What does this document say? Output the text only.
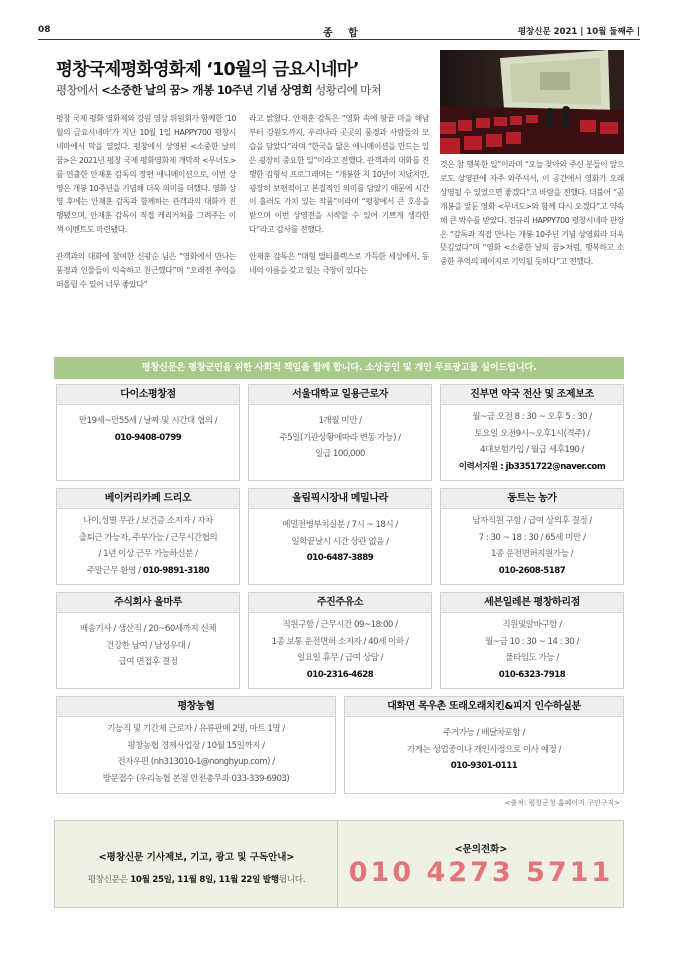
08	종 합	평창신문 2021 | 10월 둘째주 |
평창국제평화영화제 ‘10월의 금요시네마’
평창에서 <소중한 날의 꿈> 개봉 10주년 기념 상영회 성황리에 마쳐

평창 국제 평화 영화제와 강원 영상 위원회가 함께한 ‘10월의 금요시네마’가 지난 10월 1일 HAPPY700 평창시네마에서 막을 열었다. 평창에서 상영된 <소중한 날의 꿈>은 2021년 평창 국제 평화영화제 개막작 <무녀도>를 연출한 안재훈 감독의 장편 애니메이션으로, 이번 상영은 개봉 10주년을 기념해 더욱 의미를 더했다. 영화 상영 후에는 안재훈 감독과 함께하는 관객과의 대화가 진행됐으며, 안재훈 감독이 직접 캐리커쳐를 그려주는 이색 이벤트도 마련됐다.

관객과의 대화에 참여한 신광순 님은 “영화에서 만나는 풍경과 인물들이 익숙하고 친근했다”며 “오래전 추억을 떠올릴 수 있어 너무 좋았다”

라고 밝혔다. 안재훈 감독은 “영화 속에 땅끝 마을 해남부터 강원도까지, 우리나라 곳곳의 풍경과 사람들의 모습을 담았다”라며 “한국을 닮은 애니메이션을 만드는 일은 굉장히 중요한 일”이라고 전했다. 관객과의 대화를 진행한 김형석 프로그래머는 “개봉한 지 10년이 지났지만, 굉장히 보편적이고 본질적인 의미를 담았기 때문에 시간이 흘러도 가치 있는 작품”이라며 “평창에서 큰 호응을 받으며 이번 상영전을 시작할 수 있어 기쁘게 생각한다”라고 감사를 전했다.

안재훈 감독은 “대형 멀티플렉스로 가득한 세상에서, 동네의 이름을 갖고 있는 극장이 있다는

것은 참 행복한 일”이라며 “오늘 찾아와 주신 분들이 앞으로도 상영관에 자주 와주셔서, 이 공간에서 영화가 오래 상영될 수 있었으면 좋겠다”고 바람을 전했다. 더불어 “곧 개봉을 앞둔 영화 <무녀도>와 함께 다시 오겠다”고 약속해 큰 박수를 받았다. 전규리 HAPPY700 평창시네마 관장은 “감독과 직접 만나는 개봉 10주년 기념 상영회라 더욱 뜻깊었다”며 “영화 <소중한 날의 꿈>처럼, 행복하고 소중한 추억의 페이지로 기억될 듯하다”고 전했다.

평창신문은 평창군민을 위한 사회적 책임을 함께 합니다. 소상공인 및 개인 무료광고를 실어드립니다.
다이소평창점
만19세~만55세 / 날짜 및 시간대 협의 /
010-9408-0799
서울대학교 일용근로자
1개월 미만 /
주5일(기관상황에따라 변동 가능) /
일급 100,000
진부면 약국 전산 및 조제보조
월~금 오전 8 : 30 ~ 오후 5 : 30 /
토요일 오전9시~오후1시(격주) /
4대보험가입 / 월급 세후190 /
이력서지원 : jb3351722@naver.com
베이커리카페 드리오
나이,성별 무관 / 보건증 소지자 / 자차
출퇴근 가능자, 주부가능 / 근무시간협의
/ 1년 이상 근무 가능하신분 /
주말근무 환영 / 010-9891-3180
올림픽시장내 메밀나라
메밀전병부치실분 / 7시 ~ 18시 /
일학끝날시 시간 상관 없음 /
010-6487-3889
동트는 농가
남자직원 구함 / 급여 상의후 결정 /
7 : 30 ~ 18 : 30 / 65세 미만 /
1종 운전면허지원가능 /
010-2608-5187
주식회사 올마루
배송기사 / 생산직 / 20~60세까지 신체
건강한 남여 / 남성우대 /
급여 면접후 결정
주진주유소
직원구함 / 근무시간 09~18:00 /
1종 보통 운전면허 소지자 / 40세 이하 /
일요일 휴무 / 급여 상담 /
010-2316-4628
세븐일레븐 평창하리점
직원및알바구함 /
월~금 10 : 30 ~ 14 : 30 /
풀타임도 가능 /
010-6323-7918
평창농협
기능직 및 기간제 근로자 / 유류판매 2명, 마트 1명 /
평창농협 경제사업장 / 10월 15일까지 /
전자우편 (nh313010-1@nonghyup.com) /
방문접수 (우리농협 본점 안전총무과 033-339-6903)
대화면 목우촌 또래오래치킨&피지 인수하실분
주거가능 / 배달차포함 /
가게는 성업중이나 개인사정으로 이사 예정 /
010-9301-0111
<출처: 평창군청 홈페이지 구인구직>
<평창신문 기사제보, 기고, 광고 및 구독안내>
평창신문은 10월 25일, 11월 8일, 11월 22일 발행됩니다.
<문의전화>
010 4273 5711
